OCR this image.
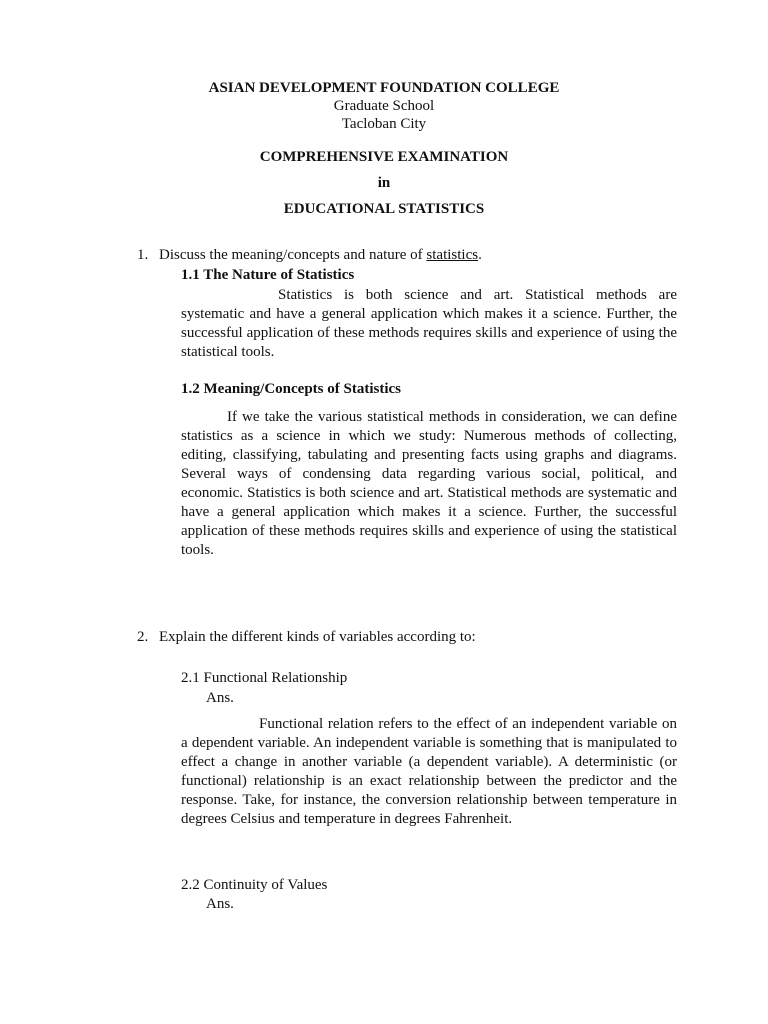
ASIAN DEVELOPMENT FOUNDATION COLLEGE
Graduate School
Tacloban City
COMPREHENSIVE EXAMINATION
in
EDUCATIONAL STATISTICS
1. Discuss the meaning/concepts and nature of statistics.
1.1 The Nature of Statistics
Statistics is both science and art. Statistical methods are systematic and have a general application which makes it a science. Further, the successful application of these methods requires skills and experience of using the statistical tools.
1.2 Meaning/Concepts of Statistics
If we take the various statistical methods in consideration, we can define statistics as a science in which we study: Numerous methods of collecting, editing, classifying, tabulating and presenting facts using graphs and diagrams. Several ways of condensing data regarding various social, political, and economic. Statistics is both science and art. Statistical methods are systematic and have a general application which makes it a science. Further, the successful application of these methods requires skills and experience of using the statistical tools.
2. Explain the different kinds of variables according to:
2.1 Functional Relationship
Ans.
Functional relation refers to the effect of an independent variable on a dependent variable. An independent variable is something that is manipulated to effect a change in another variable (a dependent variable). A deterministic (or functional) relationship is an exact relationship between the predictor and the response. Take, for instance, the conversion relationship between temperature in degrees Celsius and temperature in degrees Fahrenheit.
2.2 Continuity of Values
Ans.
